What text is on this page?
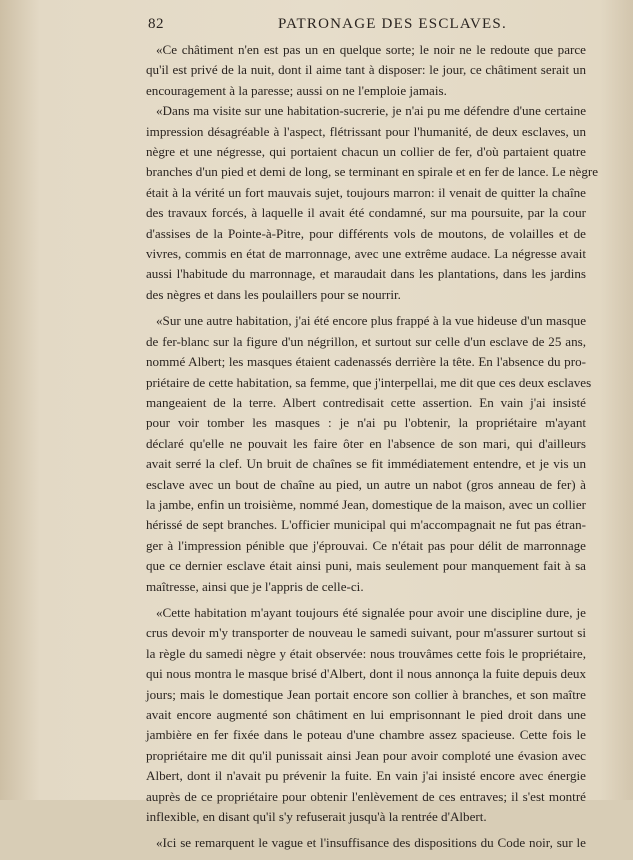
82	PATRONAGE DES ESCLAVES.
«Ce châtiment n'en est pas un en quelque sorte; le noir ne le redoute que parce
qu'il est privé de la nuit, dont il aime tant à disposer: le jour, ce châtiment serait un
encouragement à la paresse; aussi on ne l'emploie jamais.
«Dans ma visite sur une habitation-sucrerie, je n'ai pu me défendre d'une certaine
impression désagréable à l'aspect, flétrissant pour l'humanité, de deux esclaves, un
nègre et une négresse, qui portaient chacun un collier de fer, d'où partaient quatre
branches d'un pied et demi de long, se terminant en spirale et en fer de lance. Le nègre
était à la vérité un fort mauvais sujet, toujours marron: il venait de quitter la chaîne
des travaux forcés, à laquelle il avait été condamné, sur ma poursuite, par la cour
d'assises de la Pointe-à-Pitre, pour différents vols de moutons, de volailles et de
vivres, commis en état de marronnage, avec une extrême audace. La négresse avait
aussi l'habitude du marronnage, et maraudait dans les plantations, dans les jardins
des nègres et dans les poulaillers pour se nourrir.
«Sur une autre habitation, j'ai été encore plus frappé à la vue hideuse d'un masque
de fer-blanc sur la figure d'un négrillon, et surtout sur celle d'un esclave de 25 ans,
nommé Albert; les masques étaient cadenassés derrière la tête. En l'absence du pro-
priétaire de cette habitation, sa femme, que j'interpellai, me dit que ces deux esclaves
mangeaient de la terre. Albert contredisait cette assertion. En vain j'ai insisté
pour voir tomber les masques : je n'ai pu l'obtenir, la propriétaire m'ayant
déclaré qu'elle ne pouvait les faire ôter en l'absence de son mari, qui d'ailleurs
avait serré la clef. Un bruit de chaînes se fit immédiatement entendre, et je vis un
esclave avec un bout de chaîne au pied, un autre un nabot (gros anneau de fer) à
la jambe, enfin un troisième, nommé Jean, domestique de la maison, avec un collier
hérissé de sept branches. L'officier municipal qui m'accompagnait ne fut pas étran-
ger à l'impression pénible que j'éprouvai. Ce n'était pas pour délit de marronnage
que ce dernier esclave était ainsi puni, mais seulement pour manquement fait à sa
maîtresse, ainsi que je l'appris de celle-ci.
«Cette habitation m'ayant toujours été signalée pour avoir une discipline dure, je
crus devoir m'y transporter de nouveau le samedi suivant, pour m'assurer surtout si
la règle du samedi nègre y était observée: nous trouvâmes cette fois le propriétaire,
qui nous montra le masque brisé d'Albert, dont il nous annonça la fuite depuis deux
jours; mais le domestique Jean portait encore son collier à branches, et son maître
avait encore augmenté son châtiment en lui emprisonnant le pied droit dans une
jambière en fer fixée dans le poteau d'une chambre assez spacieuse. Cette fois le
propriétaire me dit qu'il punissait ainsi Jean pour avoir comploté une évasion avec
Albert, dont il n'avait pu prévenir la fuite. En vain j'ai insisté encore avec énergie
auprès de ce propriétaire pour obtenir l'enlèvement de ces entraves; il s'est montré
inflexible, en disant qu'il s'y refuserait jusqu'à la rentrée d'Albert.
«Ici se remarquent le vague et l'insuffisance des dispositions du Code noir, sur le
